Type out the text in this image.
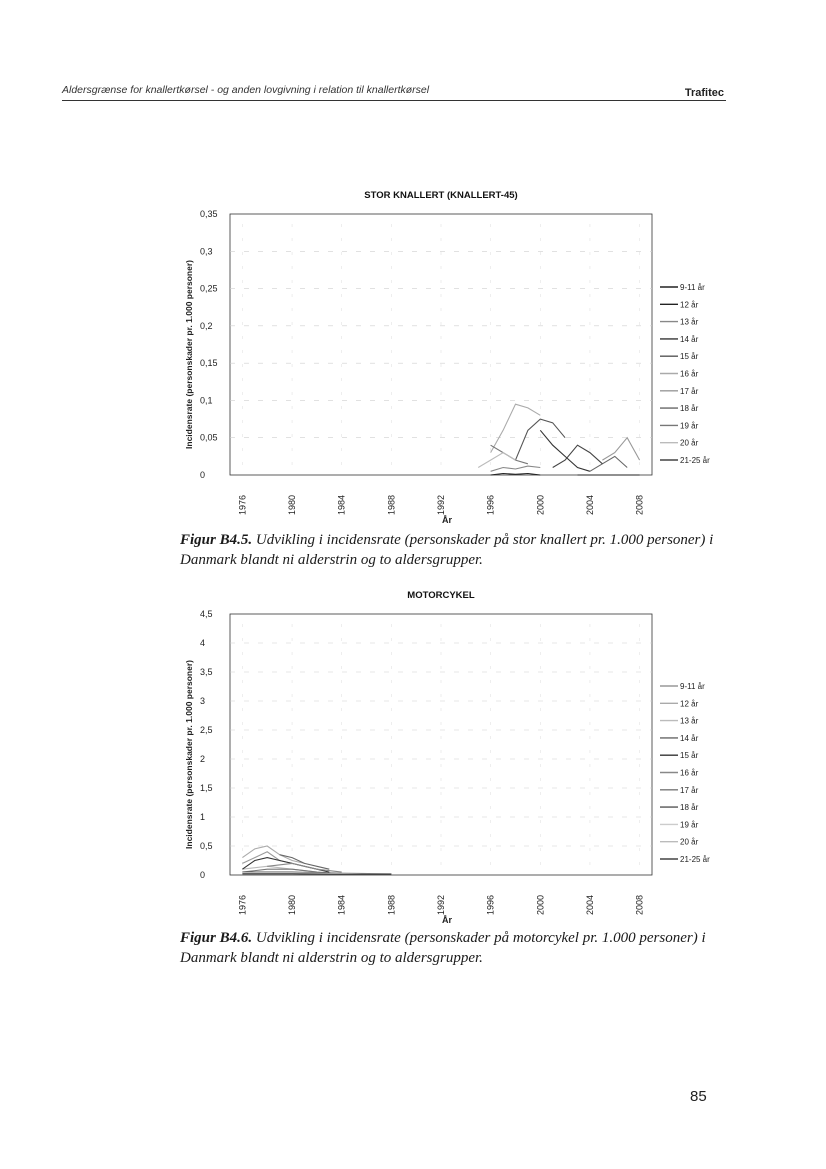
Aldersgrænse for knallertkørsel - og anden lovgivning i relation til knallertkørsel	Trafitec
STOR KNALLERT (KNALLERT-45)
0
0,05
0,1
0,15
0,2
0,25
0,3
0,35
1976	1980	1984	1988	1992	1996	2000	2004	2008
År
Incidensrate (personskader pr. 1.000 personer)	9-11 år
12 år
13 år
14 år
15 år
16 år
17 år
18 år
19 år
20 år
21-25 år
Figur B4.5. Udvikling i incidensrate (personskader på stor knallert pr. 1.000 personer) i Danmark blandt ni alderstrin og to aldersgrupper.
MOTORCYKEL
0
0,5
1
1,5
2
2,5
3
3,5
4
4,5
1976	1980	1984	1988	1992	1996	2000	2004	2008
År
Incidensrate (personskader pr. 1.000 personer)	9-11 år
12 år
13 år
14 år
15 år
16 år
17 år
18 år
19 år
20 år
21-25 år
Figur B4.6. Udvikling i incidensrate (personskader på motorcykel pr. 1.000 personer) i Danmark blandt ni alderstrin og to aldersgrupper.
85
